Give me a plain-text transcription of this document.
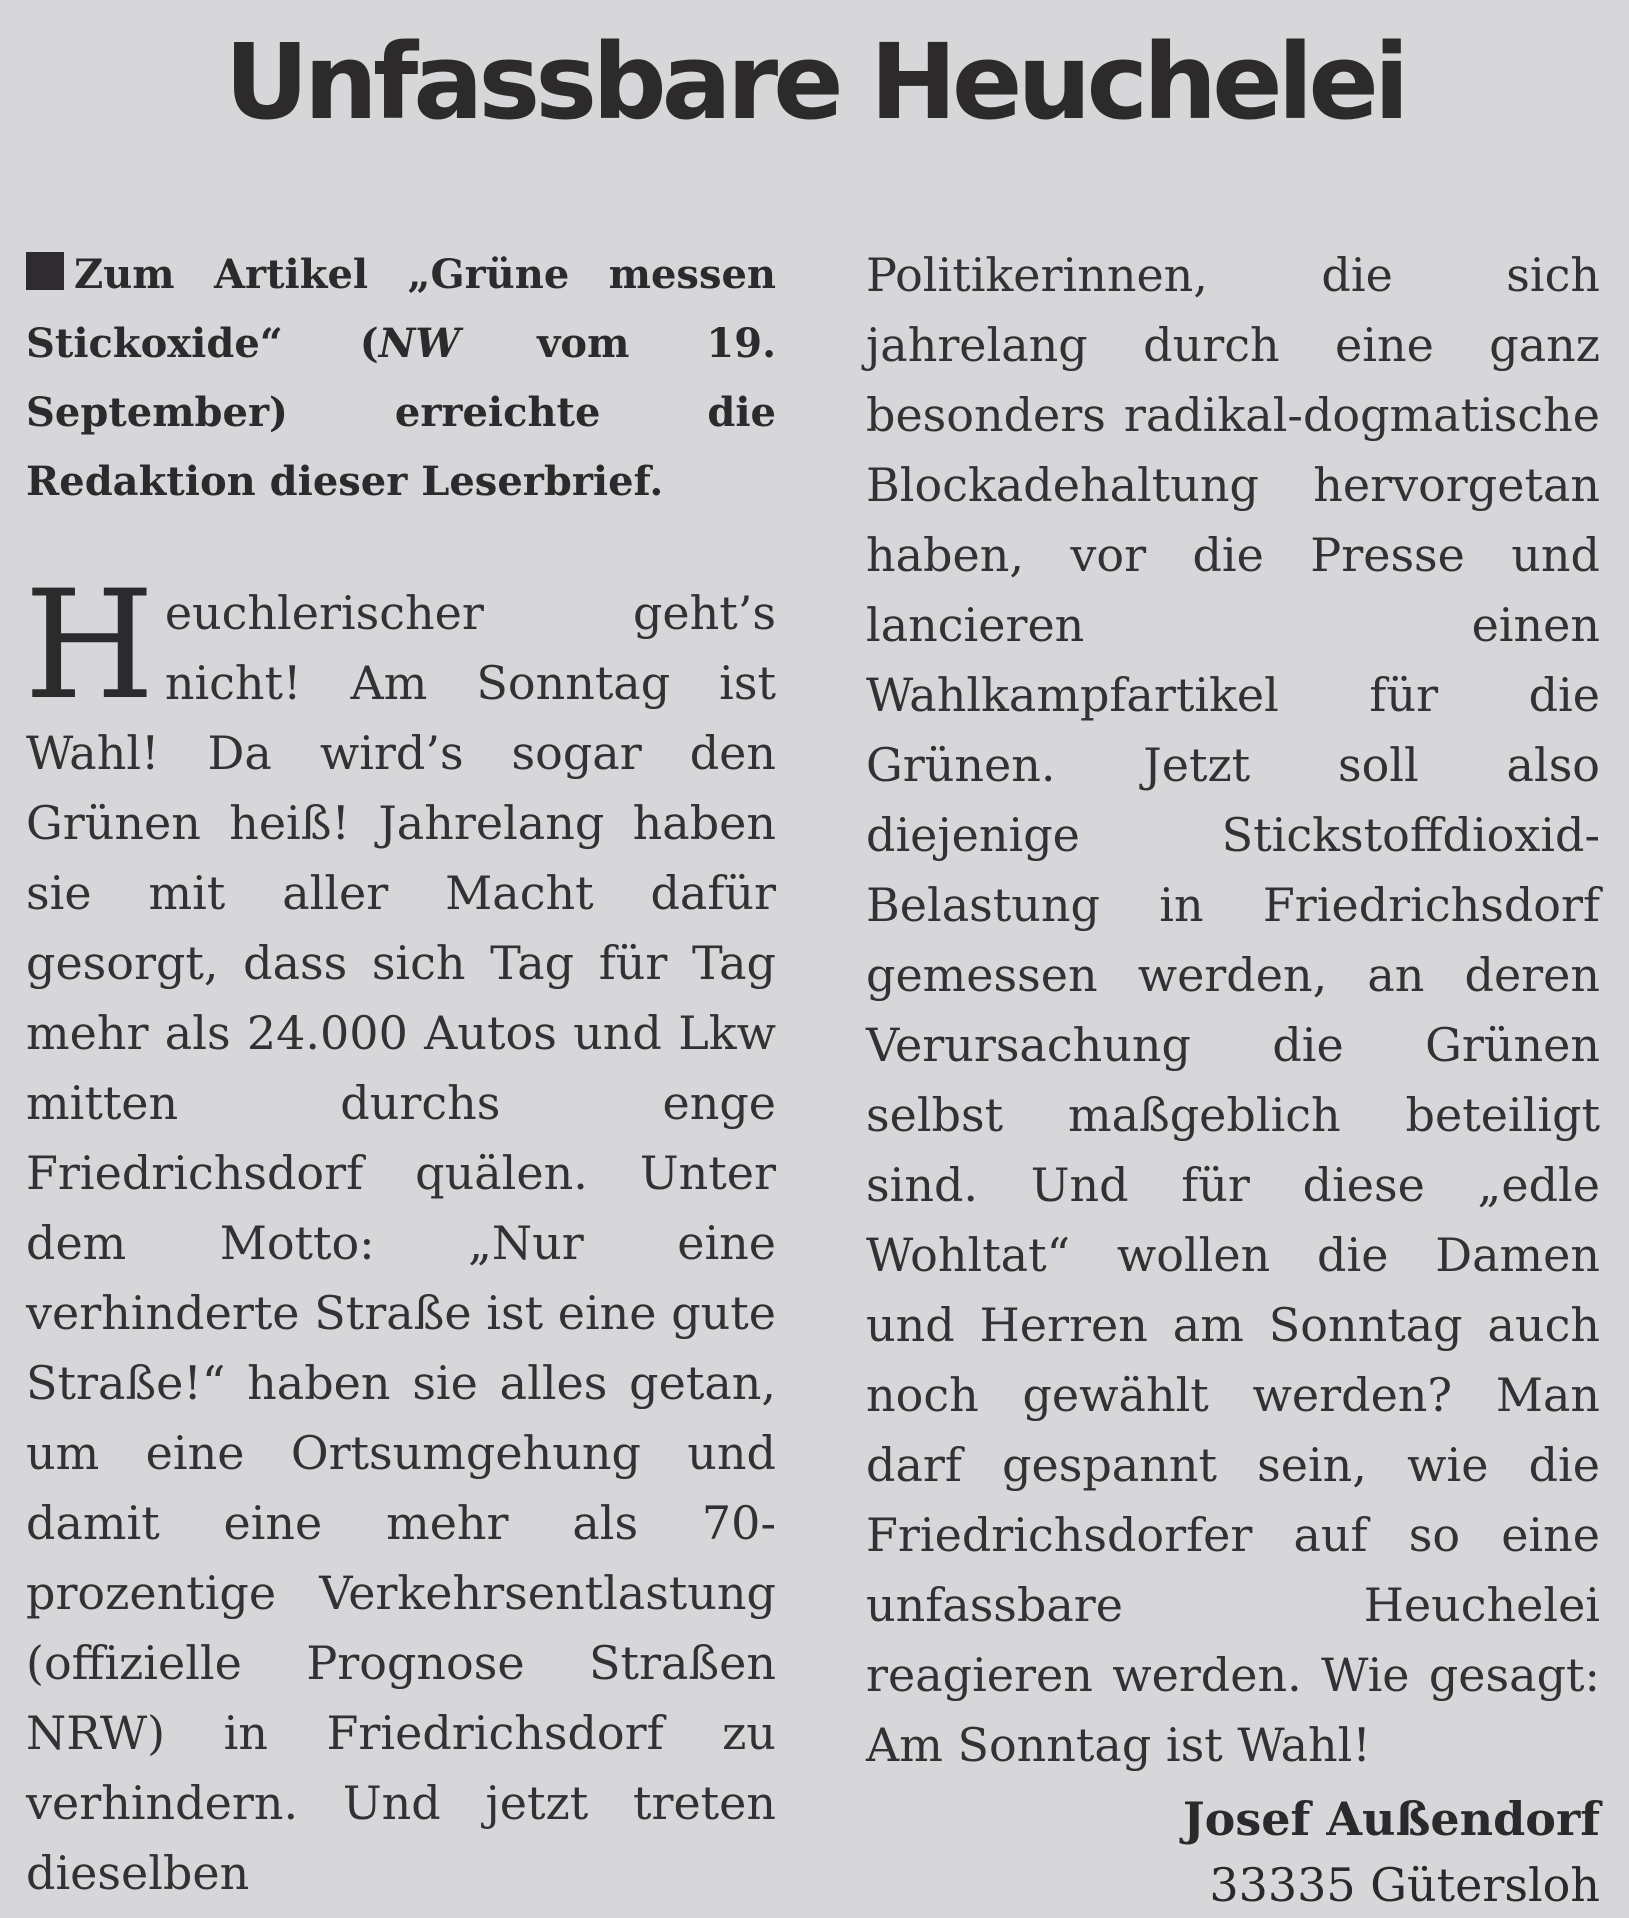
Unfassbare Heuchelei

Zum Artikel „Grüne messen Stickoxide“ (NW vom 19. September) erreichte die Redaktion dieser Leserbrief.

Heuchlerischer geht’s nicht! Am Sonntag ist Wahl! Da wird’s sogar den Grünen heiß! Jahrelang haben sie mit aller Macht dafür gesorgt, dass sich Tag für Tag mehr als 24.000 Autos und Lkw mitten durchs enge Friedrichsdorf quälen. Unter dem Motto: „Nur eine verhinderte Straße ist eine gute Straße!“ haben sie alles getan, um eine Ortsumgehung und damit eine mehr als 70-prozentige Verkehrsentlastung (offizielle Prognose Straßen NRW) in Friedrichsdorf zu verhindern. Und jetzt treten dieselben
Politikerinnen, die sich jahrelang durch eine ganz besonders radikal-dogmatische Blockadehaltung hervorgetan haben, vor die Presse und lancieren einen Wahlkampfartikel für die Grünen. Jetzt soll also diejenige Stickstoffdioxid-Belastung in Friedrichsdorf gemessen werden, an deren Verursachung die Grünen selbst maßgeblich beteiligt sind. Und für diese „edle Wohltat“ wollen die Damen und Herren am Sonntag auch noch gewählt werden? Man darf gespannt sein, wie die Friedrichsdorfer auf so eine unfassbare Heuchelei reagieren werden. Wie gesagt: Am Sonntag ist Wahl!
Josef Außendorf
33335 Gütersloh
